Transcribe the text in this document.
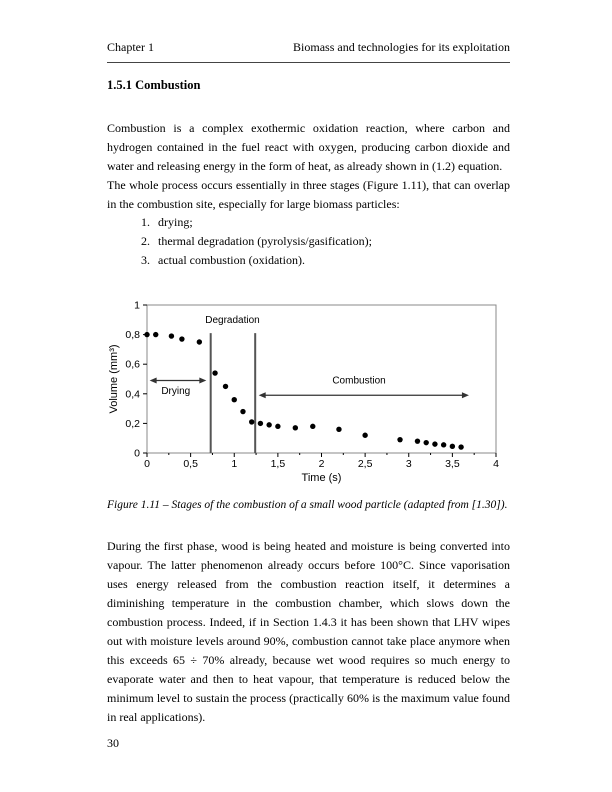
Chapter 1	Biomass and technologies for its exploitation
1.5.1 Combustion

Combustion is a complex exothermic oxidation reaction, where carbon and hydrogen contained in the fuel react with oxygen, producing carbon dioxide and water and releasing energy in the form of heat, as already shown in (1.2) equation.

The whole process occurs essentially in three stages (Figure 1.11), that can overlap in the combustion site, especially for large biomass particles:

1. drying;
2. thermal degradation (pyrolysis/gasification);
3. actual combustion (oxidation).
0	0,5	1	1,5	2	2,5	3	3,5	4
0
0,2
0,4
0,6
0,8
1
Time (s)
Volume (mm³)
Degradation
Drying
Combustion
Figure 1.11 – Stages of the combustion of a small wood particle (adapted from [1.30]).

During the first phase, wood is being heated and moisture is being converted into vapour. The latter phenomenon already occurs before 100°C. Since vaporisation uses energy released from the combustion reaction itself, it determines a diminishing temperature in the combustion chamber, which slows down the combustion process. Indeed, if in Section 1.4.3 it has been shown that LHV wipes out with moisture levels around 90%, combustion cannot take place anymore when this exceeds 65 ÷ 70% already, because wet wood requires so much energy to evaporate water and then to heat vapour, that temperature is reduced below the minimum level to sustain the process (practically 60% is the maximum value found in real applications).

30
